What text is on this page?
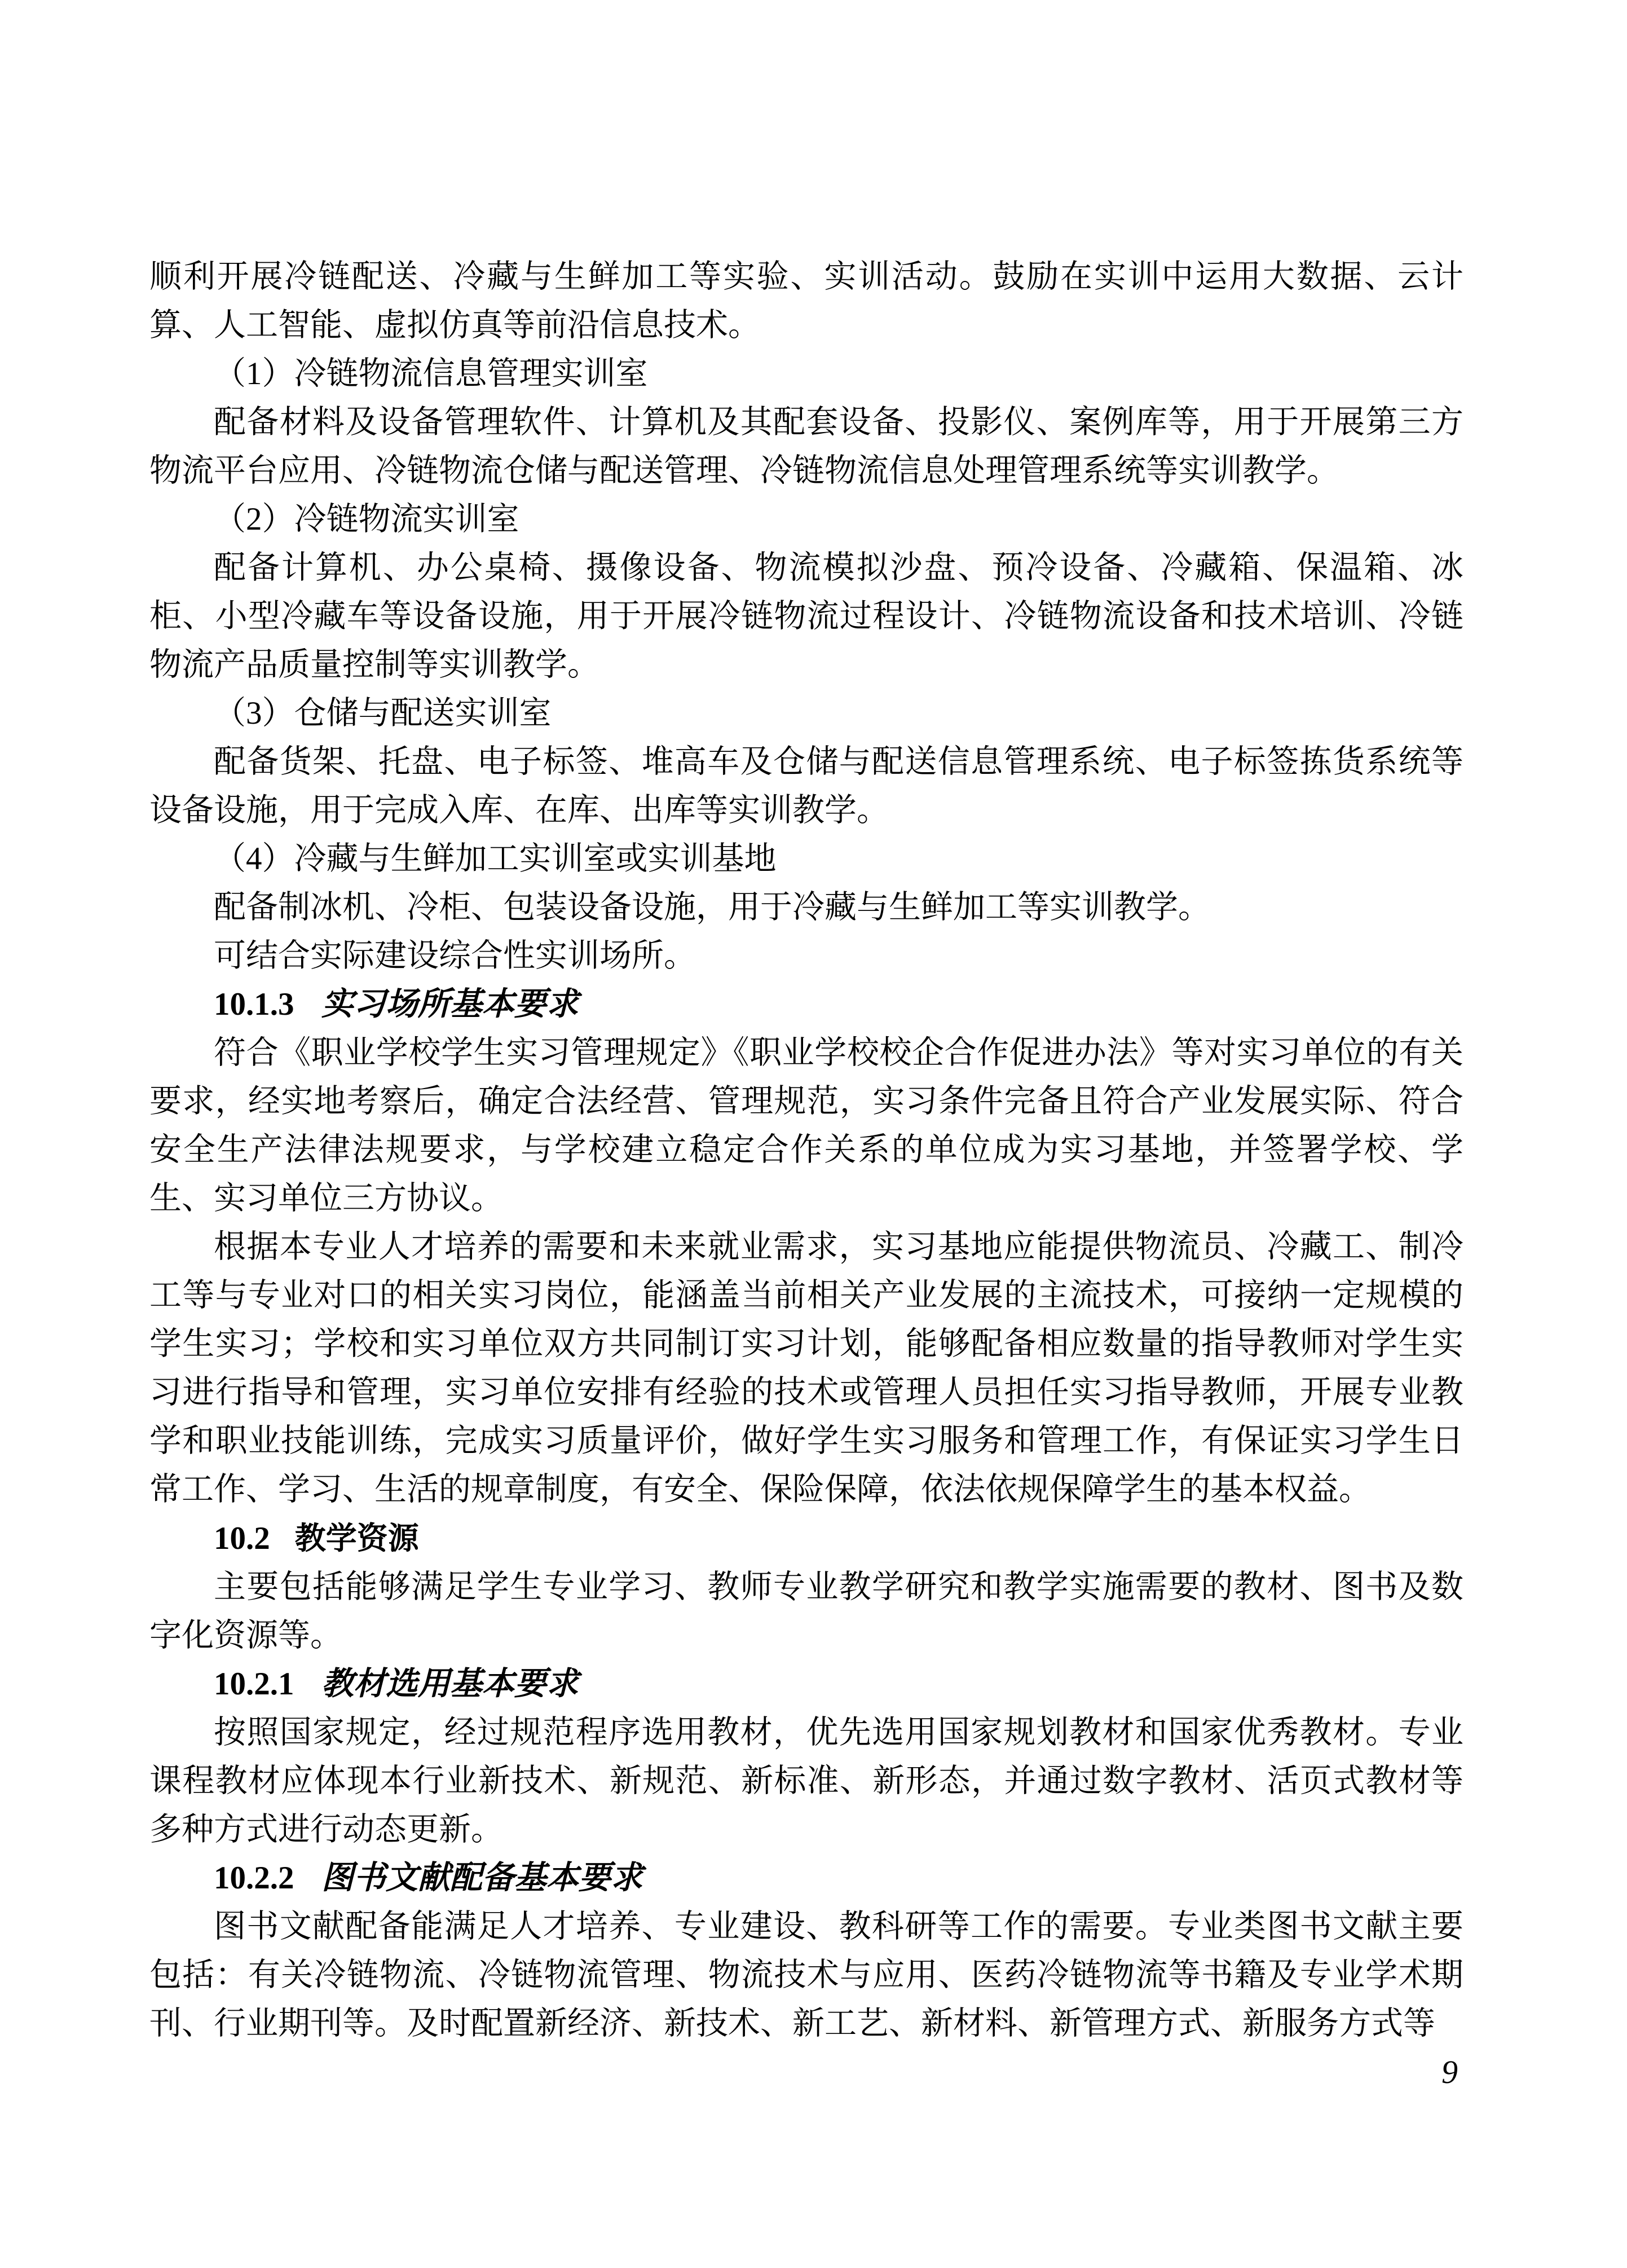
顺利开展冷链配送、冷藏与生鲜加工等实验、实训活动。鼓励在实训中运用大数据、云计算、人工智能、虚拟仿真等前沿信息技术。

（1）冷链物流信息管理实训室

配备材料及设备管理软件、计算机及其配套设备、投影仪、案例库等，用于开展第三方物流平台应用、冷链物流仓储与配送管理、冷链物流信息处理管理系统等实训教学。

（2）冷链物流实训室

配备计算机、办公桌椅、摄像设备、物流模拟沙盘、预冷设备、冷藏箱、保温箱、冰柜、小型冷藏车等设备设施，用于开展冷链物流过程设计、冷链物流设备和技术培训、冷链物流产品质量控制等实训教学。

（3）仓储与配送实训室

配备货架、托盘、电子标签、堆高车及仓储与配送信息管理系统、电子标签拣货系统等设备设施，用于完成入库、在库、出库等实训教学。

（4）冷藏与生鲜加工实训室或实训基地

配备制冰机、冷柜、包装设备设施，用于冷藏与生鲜加工等实训教学。

可结合实际建设综合性实训场所。

10.1.3 实习场所基本要求

符合《职业学校学生实习管理规定》《职业学校校企合作促进办法》等对实习单位的有关要求，经实地考察后，确定合法经营、管理规范，实习条件完备且符合产业发展实际、符合安全生产法律法规要求，与学校建立稳定合作关系的单位成为实习基地，并签署学校、学生、实习单位三方协议。

根据本专业人才培养的需要和未来就业需求，实习基地应能提供物流员、冷藏工、制冷工等与专业对口的相关实习岗位，能涵盖当前相关产业发展的主流技术，可接纳一定规模的学生实习；学校和实习单位双方共同制订实习计划，能够配备相应数量的指导教师对学生实习进行指导和管理，实习单位安排有经验的技术或管理人员担任实习指导教师，开展专业教学和职业技能训练，完成实习质量评价，做好学生实习服务和管理工作，有保证实习学生日常工作、学习、生活的规章制度，有安全、保险保障，依法依规保障学生的基本权益。

10.2 教学资源

主要包括能够满足学生专业学习、教师专业教学研究和教学实施需要的教材、图书及数字化资源等。

10.2.1 教材选用基本要求

按照国家规定，经过规范程序选用教材，优先选用国家规划教材和国家优秀教材。专业课程教材应体现本行业新技术、新规范、新标准、新形态，并通过数字教材、活页式教材等多种方式进行动态更新。

10.2.2 图书文献配备基本要求

图书文献配备能满足人才培养、专业建设、教科研等工作的需要。专业类图书文献主要包括：有关冷链物流、冷链物流管理、物流技术与应用、医药冷链物流等书籍及专业学术期刊、行业期刊等。及时配置新经济、新技术、新工艺、新材料、新管理方式、新服务方式等

9
